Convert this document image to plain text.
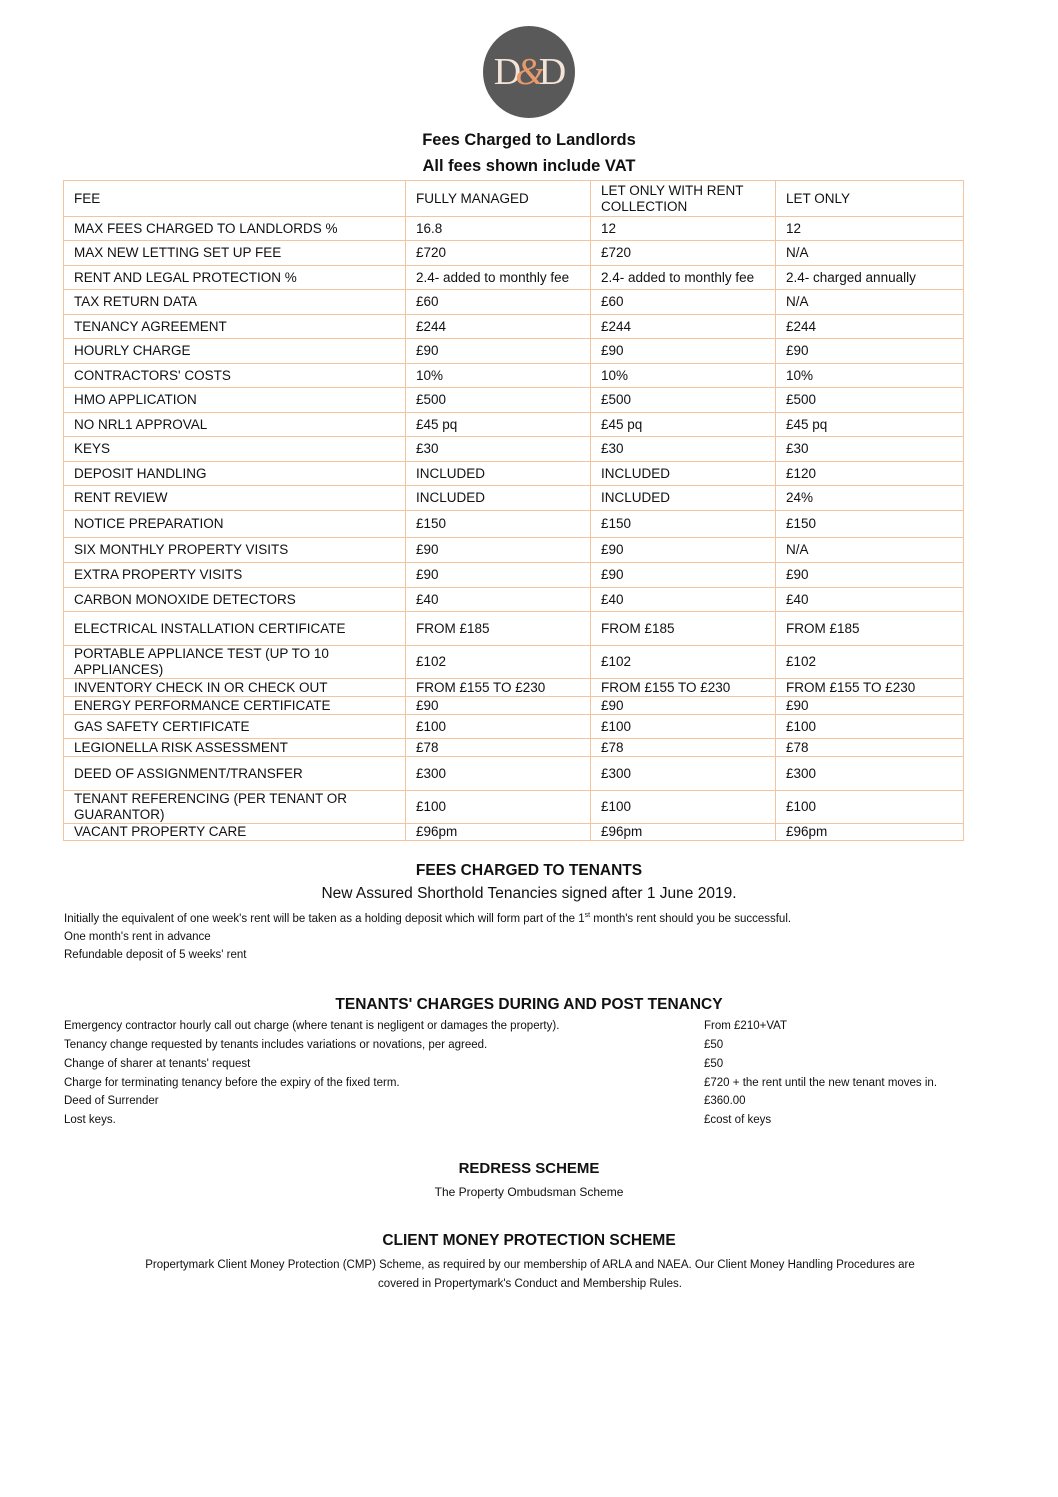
D&D
Fees Charged to Landlords
All fees shown include VAT
FEE	FULLY MANAGED	LET ONLY WITH RENT COLLECTION	LET ONLY
MAX FEES CHARGED TO LANDLORDS %	16.8	12	12
MAX NEW LETTING SET UP FEE	£720	£720	N/A
RENT AND LEGAL PROTECTION %	2.4- added to monthly fee	2.4- added to monthly fee	2.4- charged annually
TAX RETURN DATA	£60	£60	N/A
TENANCY AGREEMENT	£244	£244	£244
HOURLY CHARGE	£90	£90	£90
CONTRACTORS' COSTS	10%	10%	10%
HMO APPLICATION	£500	£500	£500
NO NRL1 APPROVAL	£45 pq	£45 pq	£45 pq
KEYS	£30	£30	£30
DEPOSIT HANDLING	INCLUDED	INCLUDED	£120
RENT REVIEW	INCLUDED	INCLUDED	24%
NOTICE PREPARATION	£150	£150	£150
SIX MONTHLY PROPERTY VISITS	£90	£90	N/A
EXTRA PROPERTY VISITS	£90	£90	£90
CARBON MONOXIDE DETECTORS	£40	£40	£40
ELECTRICAL INSTALLATION CERTIFICATE	FROM £185	FROM £185	FROM £185
PORTABLE APPLIANCE TEST (UP TO 10 APPLIANCES)	£102	£102	£102
INVENTORY CHECK IN OR CHECK OUT	FROM £155 TO £230	FROM £155 TO £230	FROM £155 TO £230
ENERGY PERFORMANCE CERTIFICATE	£90	£90	£90
GAS SAFETY CERTIFICATE	£100	£100	£100
LEGIONELLA RISK ASSESSMENT	£78	£78	£78
DEED OF ASSIGNMENT/TRANSFER	£300	£300	£300
TENANT REFERENCING (PER TENANT OR GUARANTOR)	£100	£100	£100
VACANT PROPERTY CARE	£96pm	£96pm	£96pm
FEES CHARGED TO TENANTS
New Assured Shorthold Tenancies signed after 1 June 2019.
Initially the equivalent of one week's rent will be taken as a holding deposit which will form part of the 1st month's rent should you be successful.
One month's rent in advance
Refundable deposit of 5 weeks' rent
TENANTS' CHARGES DURING AND POST TENANCY
Emergency contractor hourly call out charge (where tenant is negligent or damages the property).	From £210+VAT
Tenancy change requested by tenants includes variations or novations, per agreed.	£50
Change of sharer at tenants' request	£50
Charge for terminating tenancy before the expiry of the fixed term.	£720 + the rent until the new tenant moves in.
Deed of Surrender	£360.00
Lost keys.	£cost of keys
REDRESS SCHEME
The Property Ombudsman Scheme
CLIENT MONEY PROTECTION SCHEME
Propertymark Client Money Protection (CMP) Scheme, as required by our membership of ARLA and NAEA. Our Client Money Handling Procedures are
covered in Propertymark's Conduct and Membership Rules.
